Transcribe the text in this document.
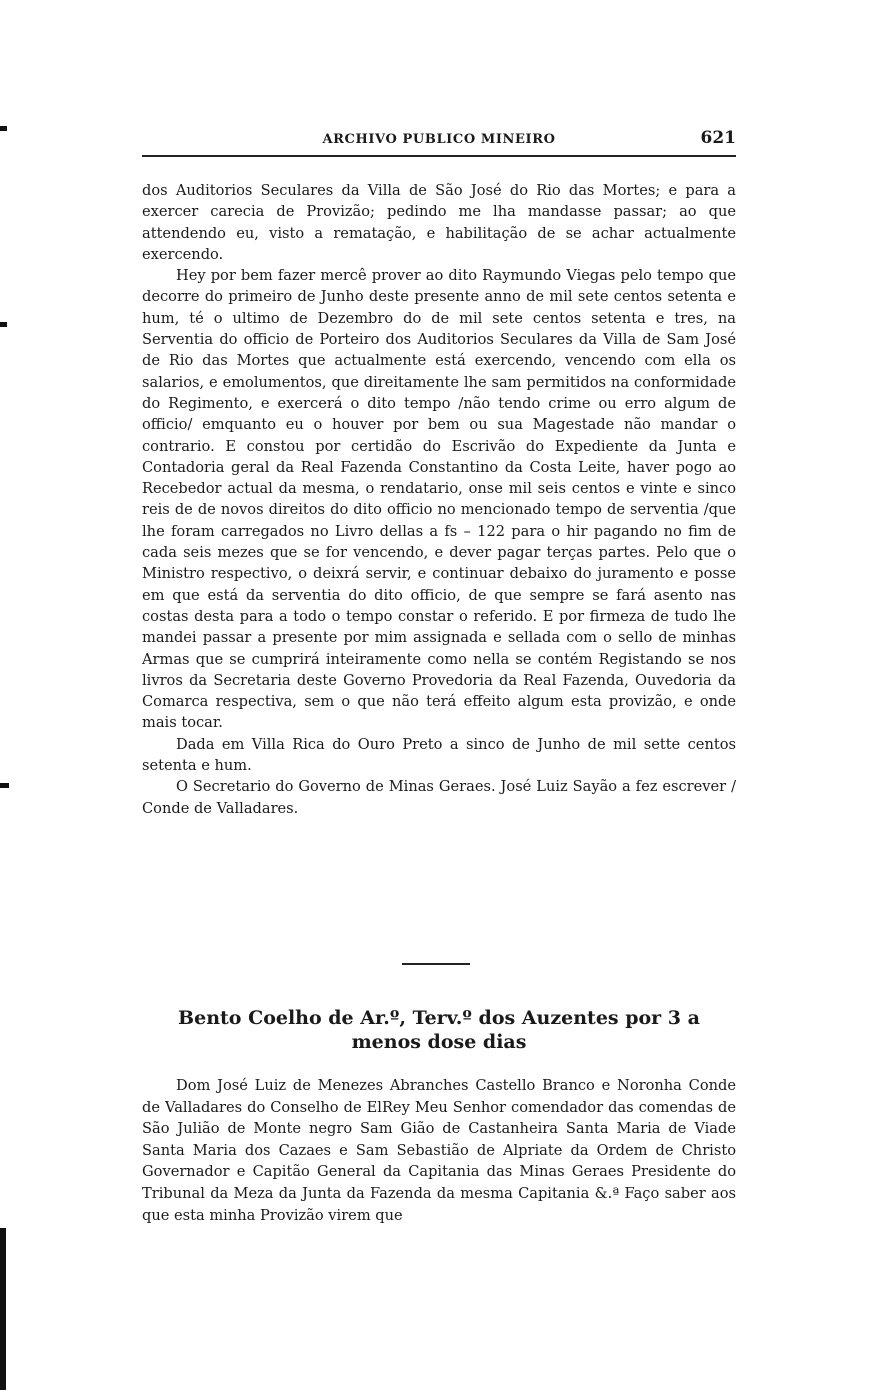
ARCHIVO PUBLICO MINEIRO	621

dos Auditorios Seculares da Villa de São José do Rio das Mortes; e para a exercer carecia de Provizão; pedindo me lha mandasse passar; ao que attendendo eu, visto a rematação, e habilitação de se achar actualmente exercendo.

Hey por bem fazer mercê prover ao dito Raymundo Viegas pelo tempo que decorre do primeiro de Junho deste presente anno de mil sete centos setenta e hum, té o ultimo de Dezembro do de mil sete centos setenta e tres, na Serventia do officio de Porteiro dos Auditorios Seculares da Villa de Sam José de Rio das Mortes que actualmente está exercendo, vencendo com ella os salarios, e emolumentos, que direitamente lhe sam permitidos na conformidade do Regimento, e exercerá o dito tempo /não tendo crime ou erro algum de officio/ emquanto eu o houver por bem ou sua Magestade não mandar o contrario. E constou por certidão do Escrivão do Expediente da Junta e Contadoria geral da Real Fazenda Constantino da Costa Leite, haver pogo ao Recebedor actual da mesma, o rendatario, onse mil seis centos e vinte e sinco reis de de novos direitos do dito officio no mencionado tempo de serventia /que lhe foram carregados no Livro dellas a fs – 122 para o hir pagando no fim de cada seis mezes que se for vencendo, e dever pagar terças partes. Pelo que o Ministro respectivo, o deixrá servir, e continuar debaixo do juramento e posse em que está da serventia do dito officio, de que sempre se fará asento nas costas desta para a todo o tempo constar o referido. E por firmeza de tudo lhe mandei passar a presente por mim assignada e sellada com o sello de minhas Armas que se cumprirá inteiramente como nella se contém Registando se nos livros da Secretaria deste Governo Provedoria da Real Fazenda, Ouvedoria da Comarca respectiva, sem o que não terá effeito algum esta provizão, e onde mais tocar.

Dada em Villa Rica do Ouro Preto a sinco de Junho de mil sette centos setenta e hum.

O Secretario do Governo de Minas Geraes. José Luiz Sayão a fez escrever / Conde de Valladares.

Bento Coelho de Ar.º, Terv.º dos Auzentes por 3 a menos dose dias

Dom José Luiz de Menezes Abranches Castello Branco e Noronha Conde de Valladares do Conselho de ElRey Meu Senhor comendador das comendas de São Julião de Monte negro Sam Gião de Castanheira Santa Maria de Viade Santa Maria dos Cazaes e Sam Sebastião de Alpriate da Ordem de Christo Governador e Capitão General da Capitania das Minas Geraes Presidente do Tribunal da Meza da Junta da Fazenda da mesma Capitania &.ª Faço saber aos que esta minha Provizão virem que
